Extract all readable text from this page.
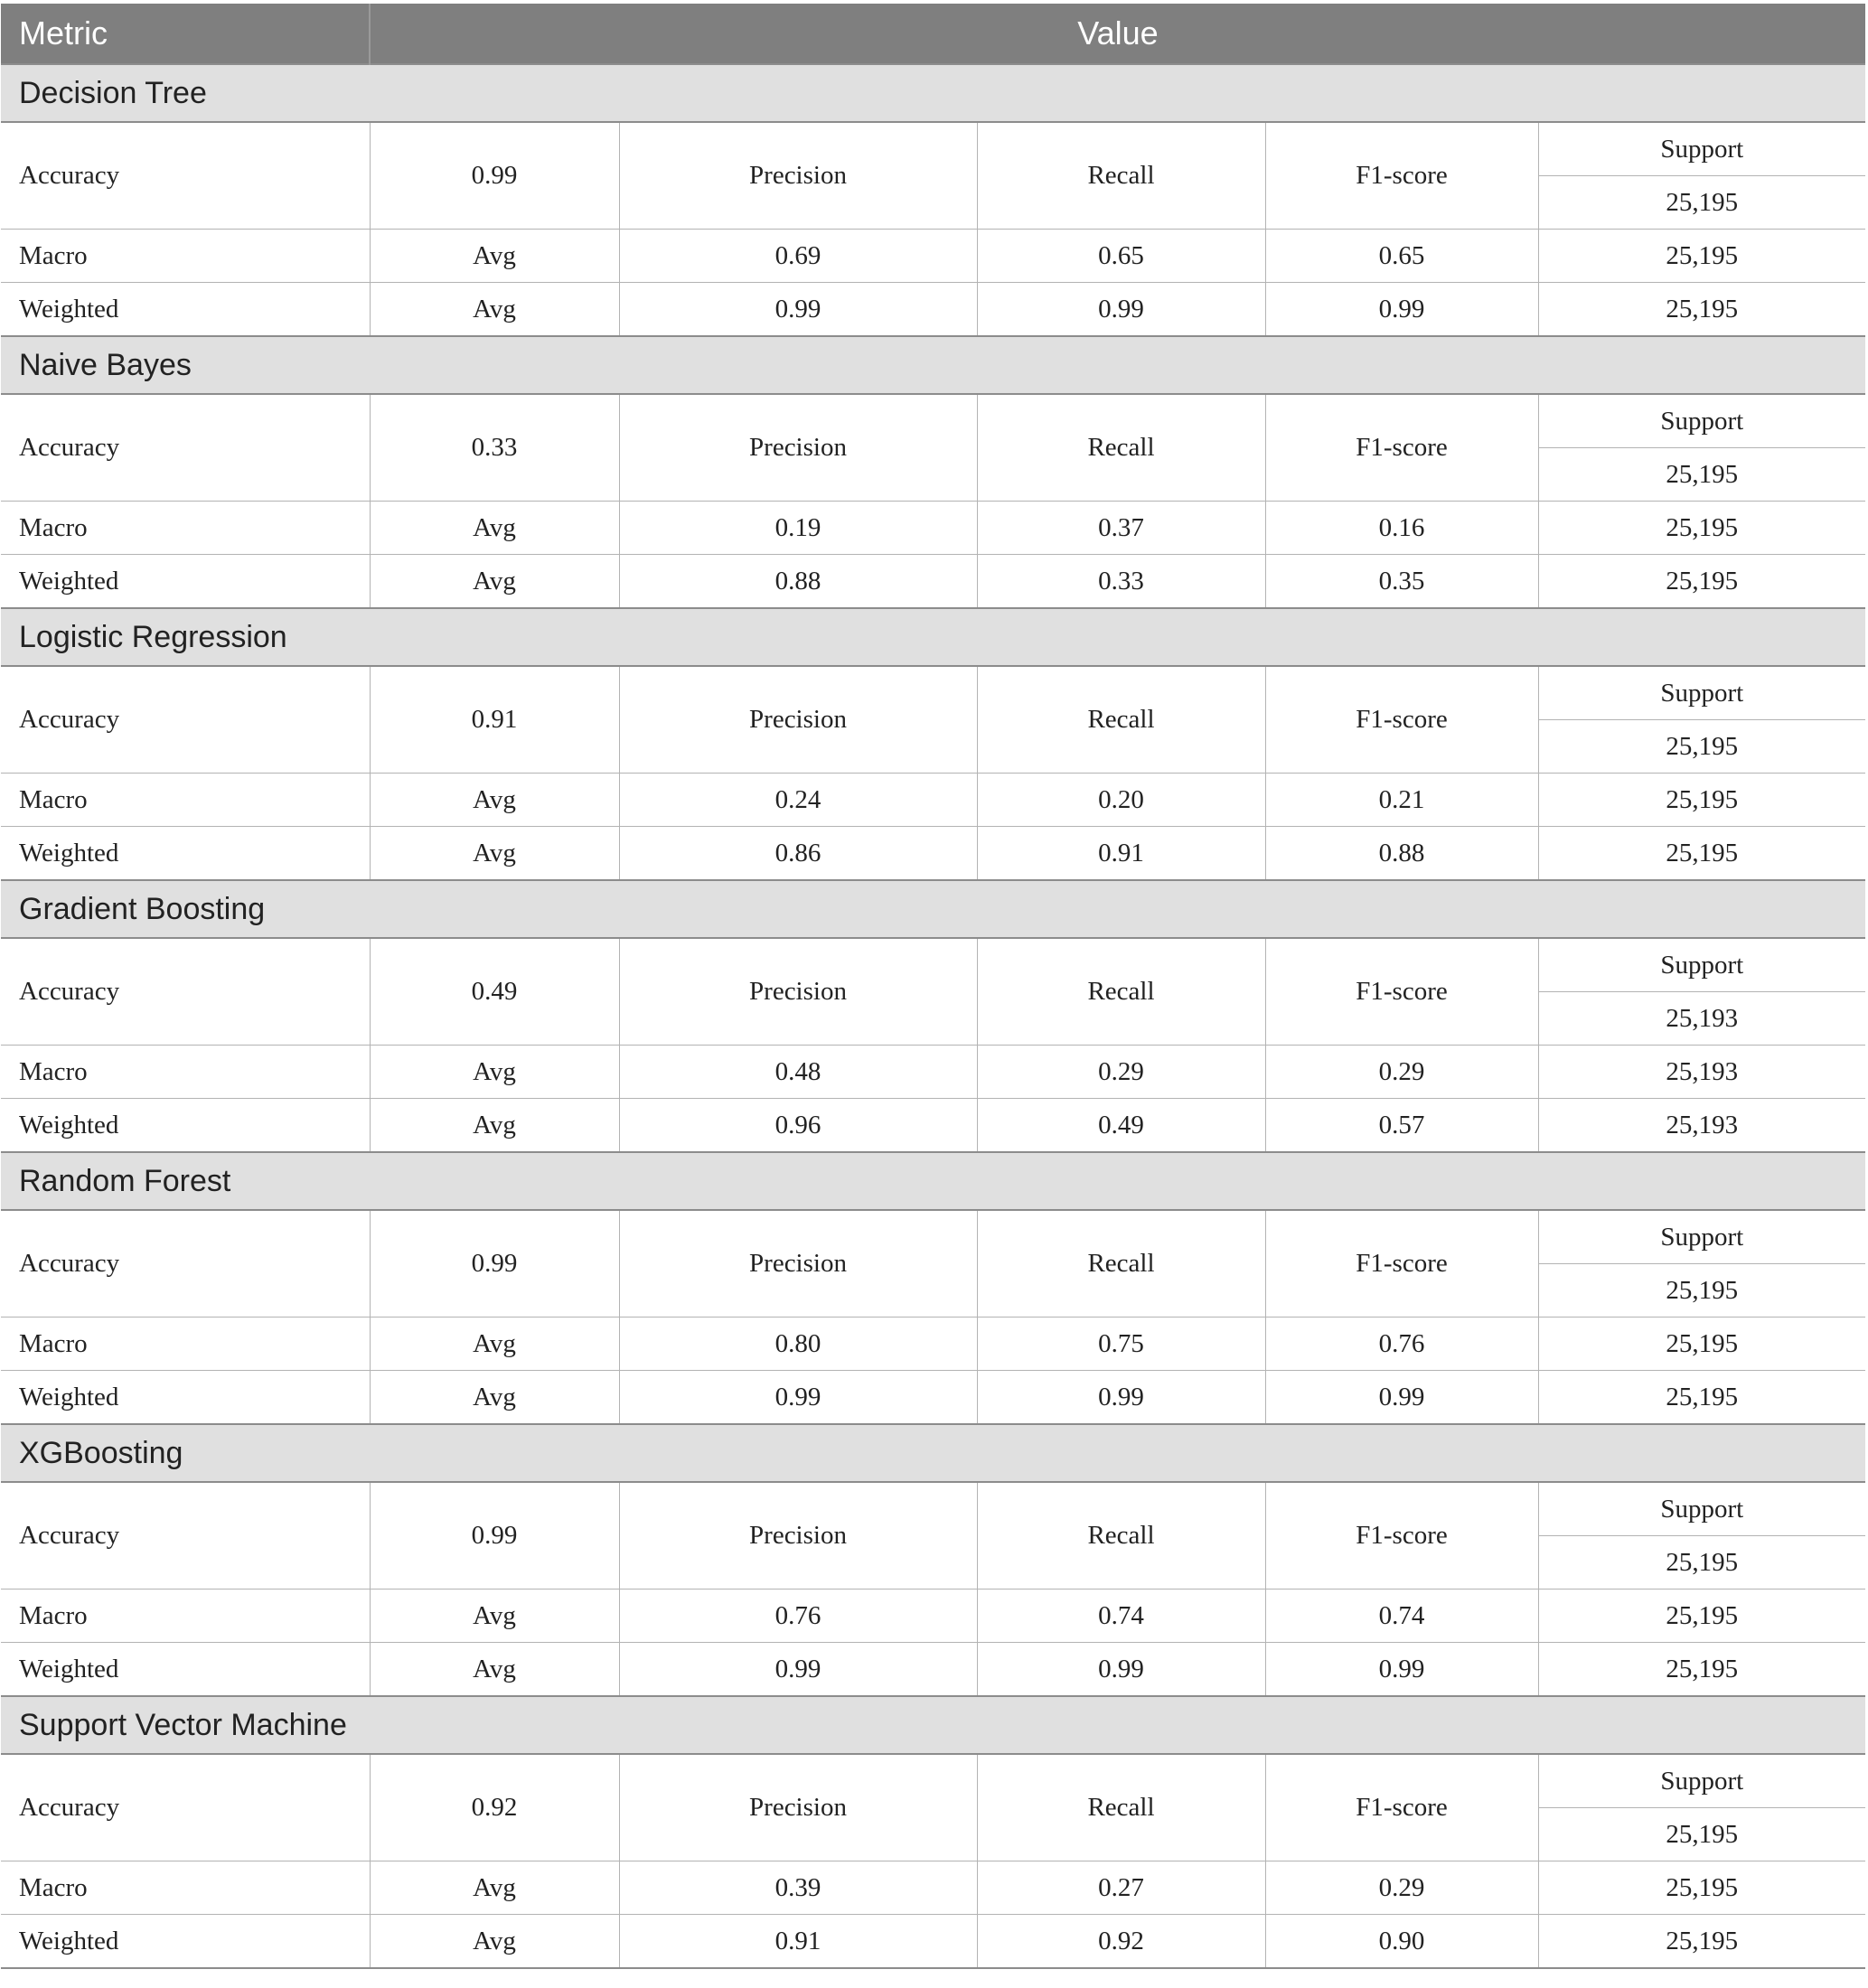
Metric	Value				
Decision Tree					
Accuracy	0.99	Precision	Recall	F1-score	Support
					25,195
Macro	Avg	0.69	0.65	0.65	25,195
Weighted	Avg	0.99	0.99	0.99	25,195
Naive Bayes					
Accuracy	0.33	Precision	Recall	F1-score	Support
					25,195
Macro	Avg	0.19	0.37	0.16	25,195
Weighted	Avg	0.88	0.33	0.35	25,195
Logistic Regression					
Accuracy	0.91	Precision	Recall	F1-score	Support
					25,195
Macro	Avg	0.24	0.20	0.21	25,195
Weighted	Avg	0.86	0.91	0.88	25,195
Gradient Boosting					
Accuracy	0.49	Precision	Recall	F1-score	Support
					25,193
Macro	Avg	0.48	0.29	0.29	25,193
Weighted	Avg	0.96	0.49	0.57	25,193
Random Forest					
Accuracy	0.99	Precision	Recall	F1-score	Support
					25,195
Macro	Avg	0.80	0.75	0.76	25,195
Weighted	Avg	0.99	0.99	0.99	25,195
XGBoosting					
Accuracy	0.99	Precision	Recall	F1-score	Support
					25,195
Macro	Avg	0.76	0.74	0.74	25,195
Weighted	Avg	0.99	0.99	0.99	25,195
Support Vector Machine					
Accuracy	0.92	Precision	Recall	F1-score	Support
					25,195
Macro	Avg	0.39	0.27	0.29	25,195
Weighted	Avg	0.91	0.92	0.90	25,195
